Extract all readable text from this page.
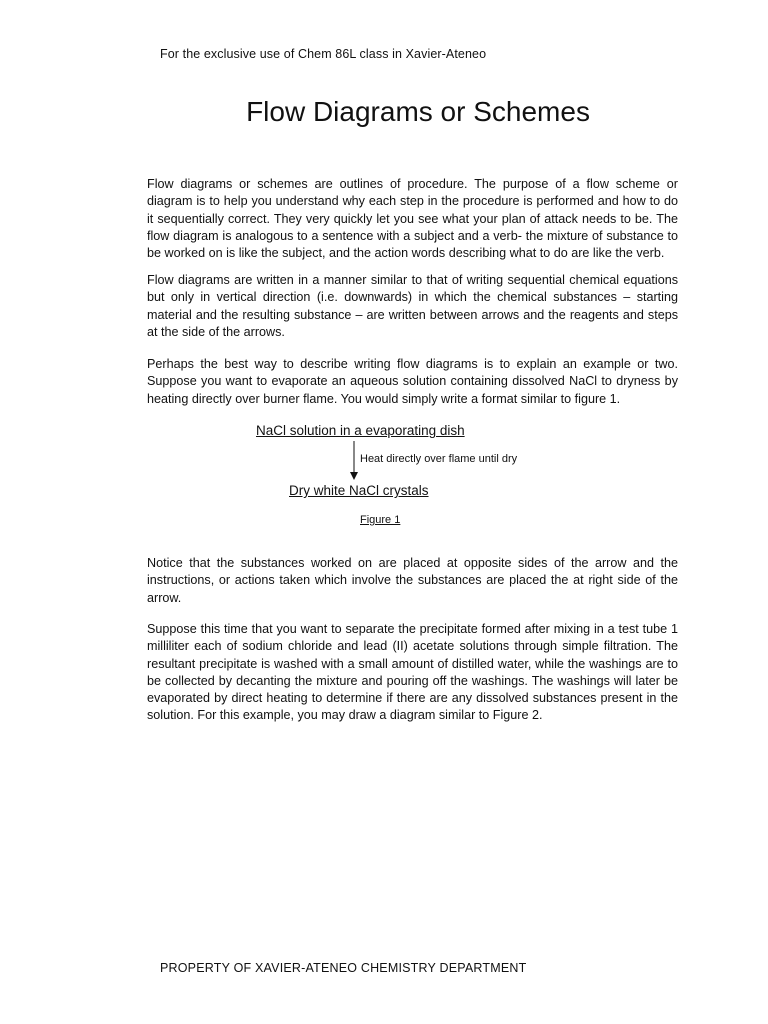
For the exclusive use of Chem 86L class in Xavier-Ateneo
Flow Diagrams or Schemes

Flow diagrams or schemes are outlines of procedure. The purpose of a flow scheme or diagram is to help you understand why each step in the procedure is performed and how to do it sequentially correct. They very quickly let you see what your plan of attack needs to be. The flow diagram is analogous to a sentence with a subject and a verb- the mixture of substance to be worked on is like the subject, and the action words describing what to do are like the verb.

Flow diagrams are written in a manner similar to that of writing sequential chemical equations but only in vertical direction (i.e. downwards) in which the chemical substances – starting material and the resulting substance – are written between arrows and the reagents and steps at the side of the arrows.

Perhaps the best way to describe writing flow diagrams is to explain an example or two. Suppose you want to evaporate an aqueous solution containing dissolved NaCl to dryness by heating directly over burner flame. You would simply write a format similar to figure 1.

NaCl solution in a evaporating dish
Heat directly over flame until dry
Dry white NaCl crystals
Figure 1

Notice that the substances worked on are placed at opposite sides of the arrow and the instructions, or actions taken which involve the substances are placed the at right side of the arrow.

Suppose this time that you want to separate the precipitate formed after mixing in a test tube 1 milliliter each of sodium chloride and lead (II) acetate solutions through simple filtration. The resultant precipitate is washed with a small amount of distilled water, while the washings are to be collected by decanting the mixture and pouring off the washings. The washings will later be evaporated by direct heating to determine if there are any dissolved substances present in the solution. For this example, you may draw a diagram similar to Figure 2.

PROPERTY OF XAVIER-ATENEO CHEMISTRY DEPARTMENT
